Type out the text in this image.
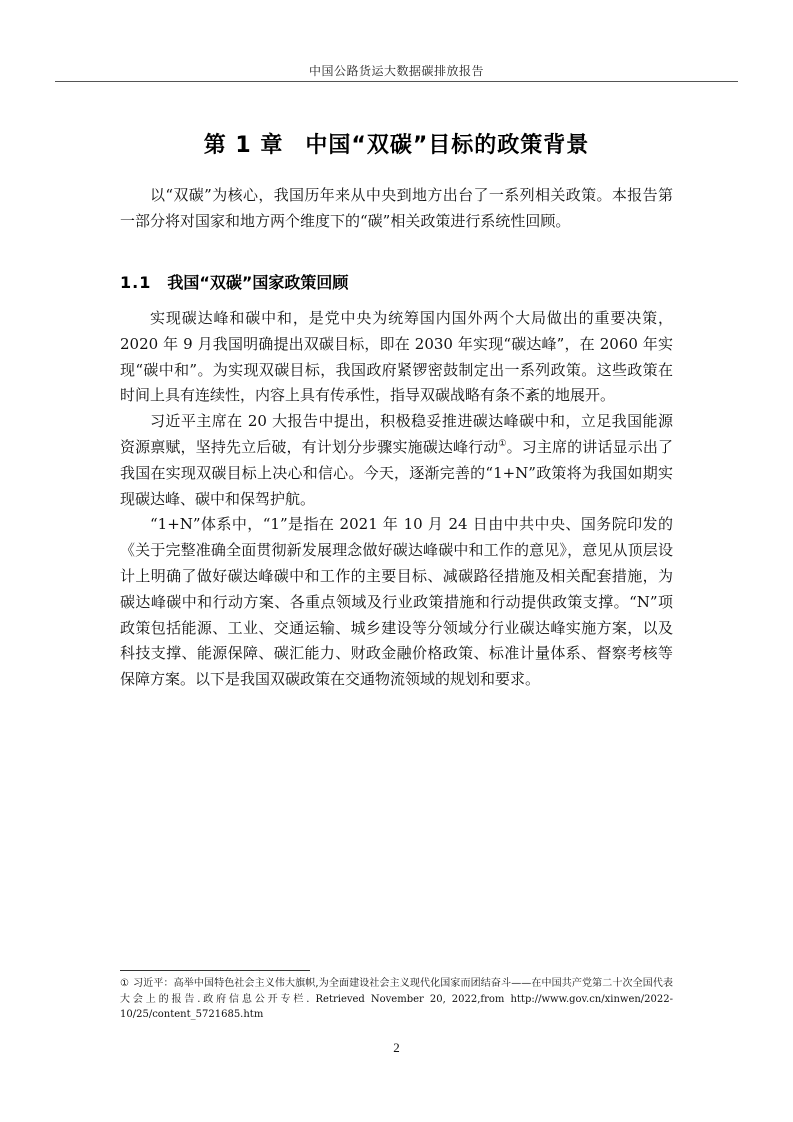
中国公路货运大数据碳排放报告
第 1 章 中国“双碳”目标的政策背景

以“双碳”为核心，我国历年来从中央到地方出台了一系列相关政策。本报告第一部分将对国家和地方两个维度下的“碳”相关政策进行系统性回顾。

1.1 我国“双碳”国家政策回顾

实现碳达峰和碳中和，是党中央为统筹国内国外两个大局做出的重要决策，2020 年 9 月我国明确提出双碳目标，即在 2030 年实现“碳达峰”，在 2060 年实现“碳中和”。为实现双碳目标，我国政府紧锣密鼓制定出一系列政策。这些政策在时间上具有连续性，内容上具有传承性，指导双碳战略有条不紊的地展开。

习近平主席在 20 大报告中提出，积极稳妥推进碳达峰碳中和，立足我国能源资源禀赋，坚持先立后破，有计划分步骤实施碳达峰行动①。习主席的讲话显示出了我国在实现双碳目标上决心和信心。今天，逐渐完善的“1+N”政策将为我国如期实现碳达峰、碳中和保驾护航。

“1+N”体系中，“1”是指在 2021 年 10 月 24 日由中共中央、国务院印发的《关于完整准确全面贯彻新发展理念做好碳达峰碳中和工作的意见》，意见从顶层设计上明确了做好碳达峰碳中和工作的主要目标、减碳路径措施及相关配套措施，为碳达峰碳中和行动方案、各重点领域及行业政策措施和行动提供政策支撑。“N”项政策包括能源、工业、交通运输、城乡建设等分领域分行业碳达峰实施方案，以及科技支撑、能源保障、碳汇能力、财政金融价格政策、标准计量体系、督察考核等保障方案。以下是我国双碳政策在交通物流领域的规划和要求。

① 习近平：高举中国特色社会主义伟大旗帜,为全面建设社会主义现代化国家而团结奋斗——在中国共产党第二十次全国代表大会上的报告.政府信息公开专栏. Retrieved November 20, 2022,from http://www.gov.cn/xinwen/2022-10/25/content_5721685.htm
2
